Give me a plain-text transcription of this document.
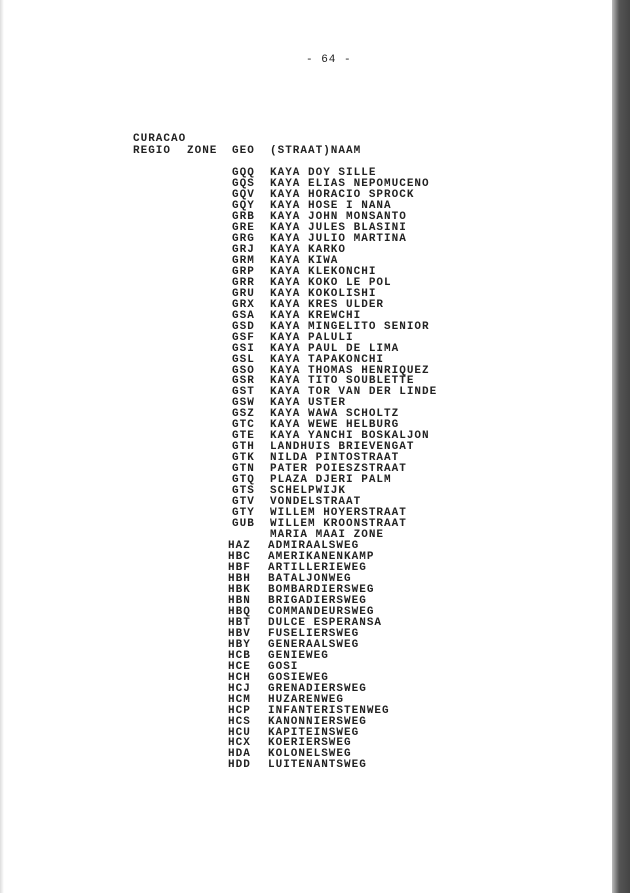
- 64 -
CURACAO
REGIO ZONE GEO (STRAAT)NAAM
GQQ KAYA DOY SILLE
GQS KAYA ELIAS NEPOMUCENO
GQV KAYA HORACIO SPROCK
GQY KAYA HOSE I NANA
GRB KAYA JOHN MONSANTO
GRE KAYA JULES BLASINI
GRG KAYA JULIO MARTINA
GRJ KAYA KARKO
GRM KAYA KIWA
GRP KAYA KLEKONCHI
GRR KAYA KOKO LE POL
GRU KAYA KOKOLISHI
GRX KAYA KRES ULDER
GSA KAYA KREWCHI
GSD KAYA MINGELITO SENIOR
GSF KAYA PALULI
GSI KAYA PAUL DE LIMA
GSL KAYA TAPAKONCHI
GSO KAYA THOMAS HENRIQUEZ
GSR KAYA TITO SOUBLETTE
GST KAYA TOR VAN DER LINDE
GSW KAYA USTER
GSZ KAYA WAWA SCHOLTZ
GTC KAYA WEWE HELBURG
GTE KAYA YANCHI BOSKALJON
GTH LANDHUIS BRIEVENGAT
GTK NILDA PINTOSTRAAT
GTN PATER POIESZSTRAAT
GTQ PLAZA DJERI PALM
GTS SCHELPWIJK
GTV VONDELSTRAAT
GTY WILLEM HOYERSTRAAT
GUB WILLEM KROONSTRAAT
MARIA MAAI ZONE
HAZ ADMIRAALSWEG
HBC AMERIKANENKAMP
HBF ARTILLERIEWEG
HBH BATALJONWEG
HBK BOMBARDIERSWEG
HBN BRIGADIERSWEG
HBQ COMMANDEURSWEG
HBT DULCE ESPERANSA
HBV FUSELIERSWEG
HBY GENERAALSWEG
HCB GENIEWEG
HCE GOSI
HCH GOSIEWEG
HCJ GRENADIERSWEG
HCM HUZARENWEG
HCP INFANTERISTENWEG
HCS KANONNIERSWEG
HCU KAPITEINSWEG
HCX KOERIERSWEG
HDA KOLONELSWEG
HDD LUITENANTSWEG
